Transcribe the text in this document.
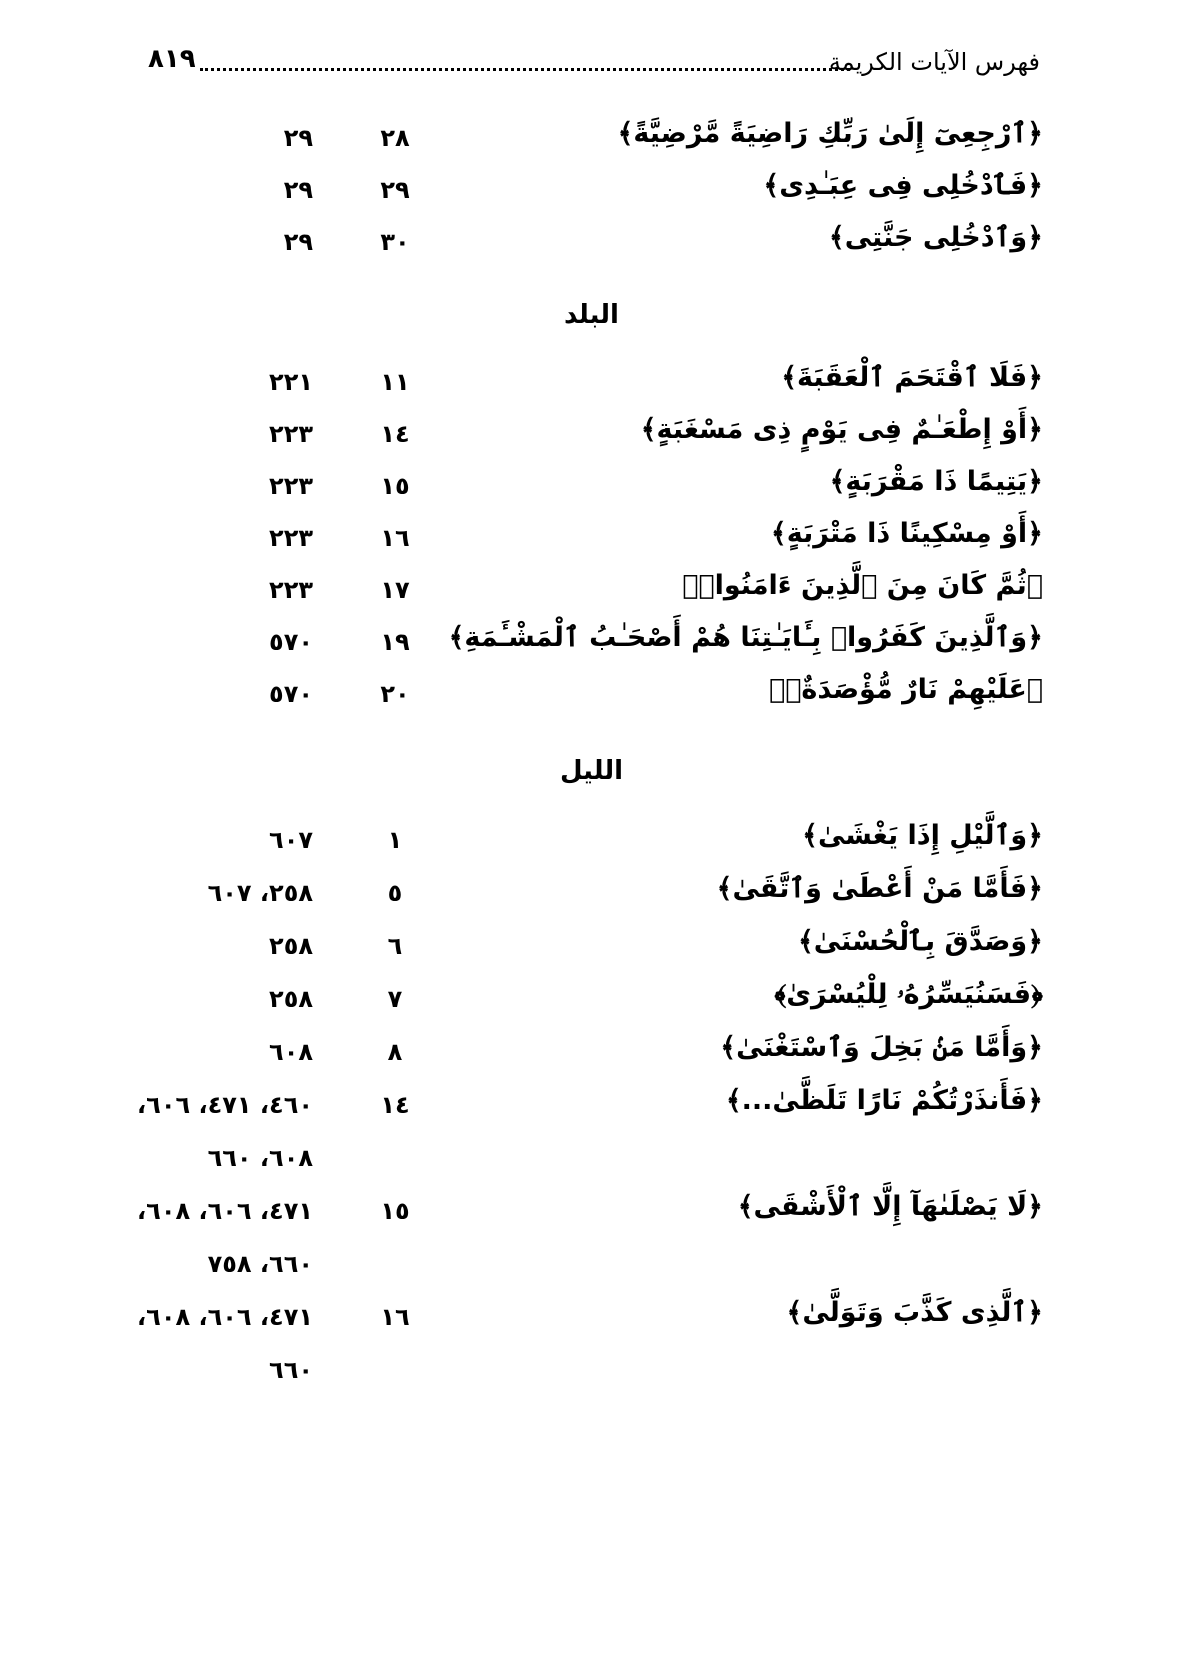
فهرس الآيات الكريمة
٨١٩
﴿ٱرْجِعِىٓ إِلَىٰ رَبِّكِ رَاضِيَةً مَّرْضِيَّةً﴾
٢٨
٢٩
﴿فَٱدْخُلِى فِى عِبَـٰدِى﴾
٢٩
٢٩
﴿وَٱدْخُلِى جَنَّتِى﴾
٣٠
٢٩
البلد
﴿فَلَا ٱقْتَحَمَ ٱلْعَقَبَةَ﴾
١١
٢٢١
﴿أَوْ إِطْعَـٰمٌ فِى يَوْمٍ ذِى مَسْغَبَةٍ﴾
١٤
٢٢٣
﴿يَتِيمًا ذَا مَقْرَبَةٍ﴾
١٥
٢٢٣
﴿أَوْ مِسْكِينًا ذَا مَتْرَبَةٍ﴾
١٦
٢٢٣
﴿ثُمَّ كَانَ مِنَ ٱلَّذِينَ ءَامَنُوا۟﴾
١٧
٢٢٣
﴿وَٱلَّذِينَ كَفَرُوا۟ بِـَٔايَـٰتِنَا هُمْ أَصْحَـٰبُ ٱلْمَشْـَٔمَةِ﴾
١٩
٥٧٠
﴿عَلَيْهِمْ نَارٌ مُّؤْصَدَةٌۢ﴾
٢٠
٥٧٠
الليل
﴿وَٱلَّيْلِ إِذَا يَغْشَىٰ﴾
١
٦٠٧
﴿فَأَمَّا مَنْ أَعْطَىٰ وَٱتَّقَىٰ﴾
٥
٢٥٨، ٦٠٧
﴿وَصَدَّقَ بِٱلْحُسْنَىٰ﴾
٦
٢٥٨
﴿فَسَنُيَسِّرُهُۥ لِلْيُسْرَىٰ﴾
٧
٢٥٨
﴿وَأَمَّا مَنۢ بَخِلَ وَٱسْتَغْنَىٰ﴾
٨
٦٠٨
﴿فَأَنذَرْتُكُمْ نَارًا تَلَظَّىٰ...﴾
١٤
٤٦٠، ٤٧١، ٦٠٦،
٦٠٨، ٦٦٠
﴿لَا يَصْلَىٰهَآ إِلَّا ٱلْأَشْقَى﴾
١٥
٤٧١، ٦٠٦، ٦٠٨،
٦٦٠، ٧٥٨
﴿ٱلَّذِى كَذَّبَ وَتَوَلَّىٰ﴾
١٦
٤٧١، ٦٠٦، ٦٠٨،
٦٦٠
